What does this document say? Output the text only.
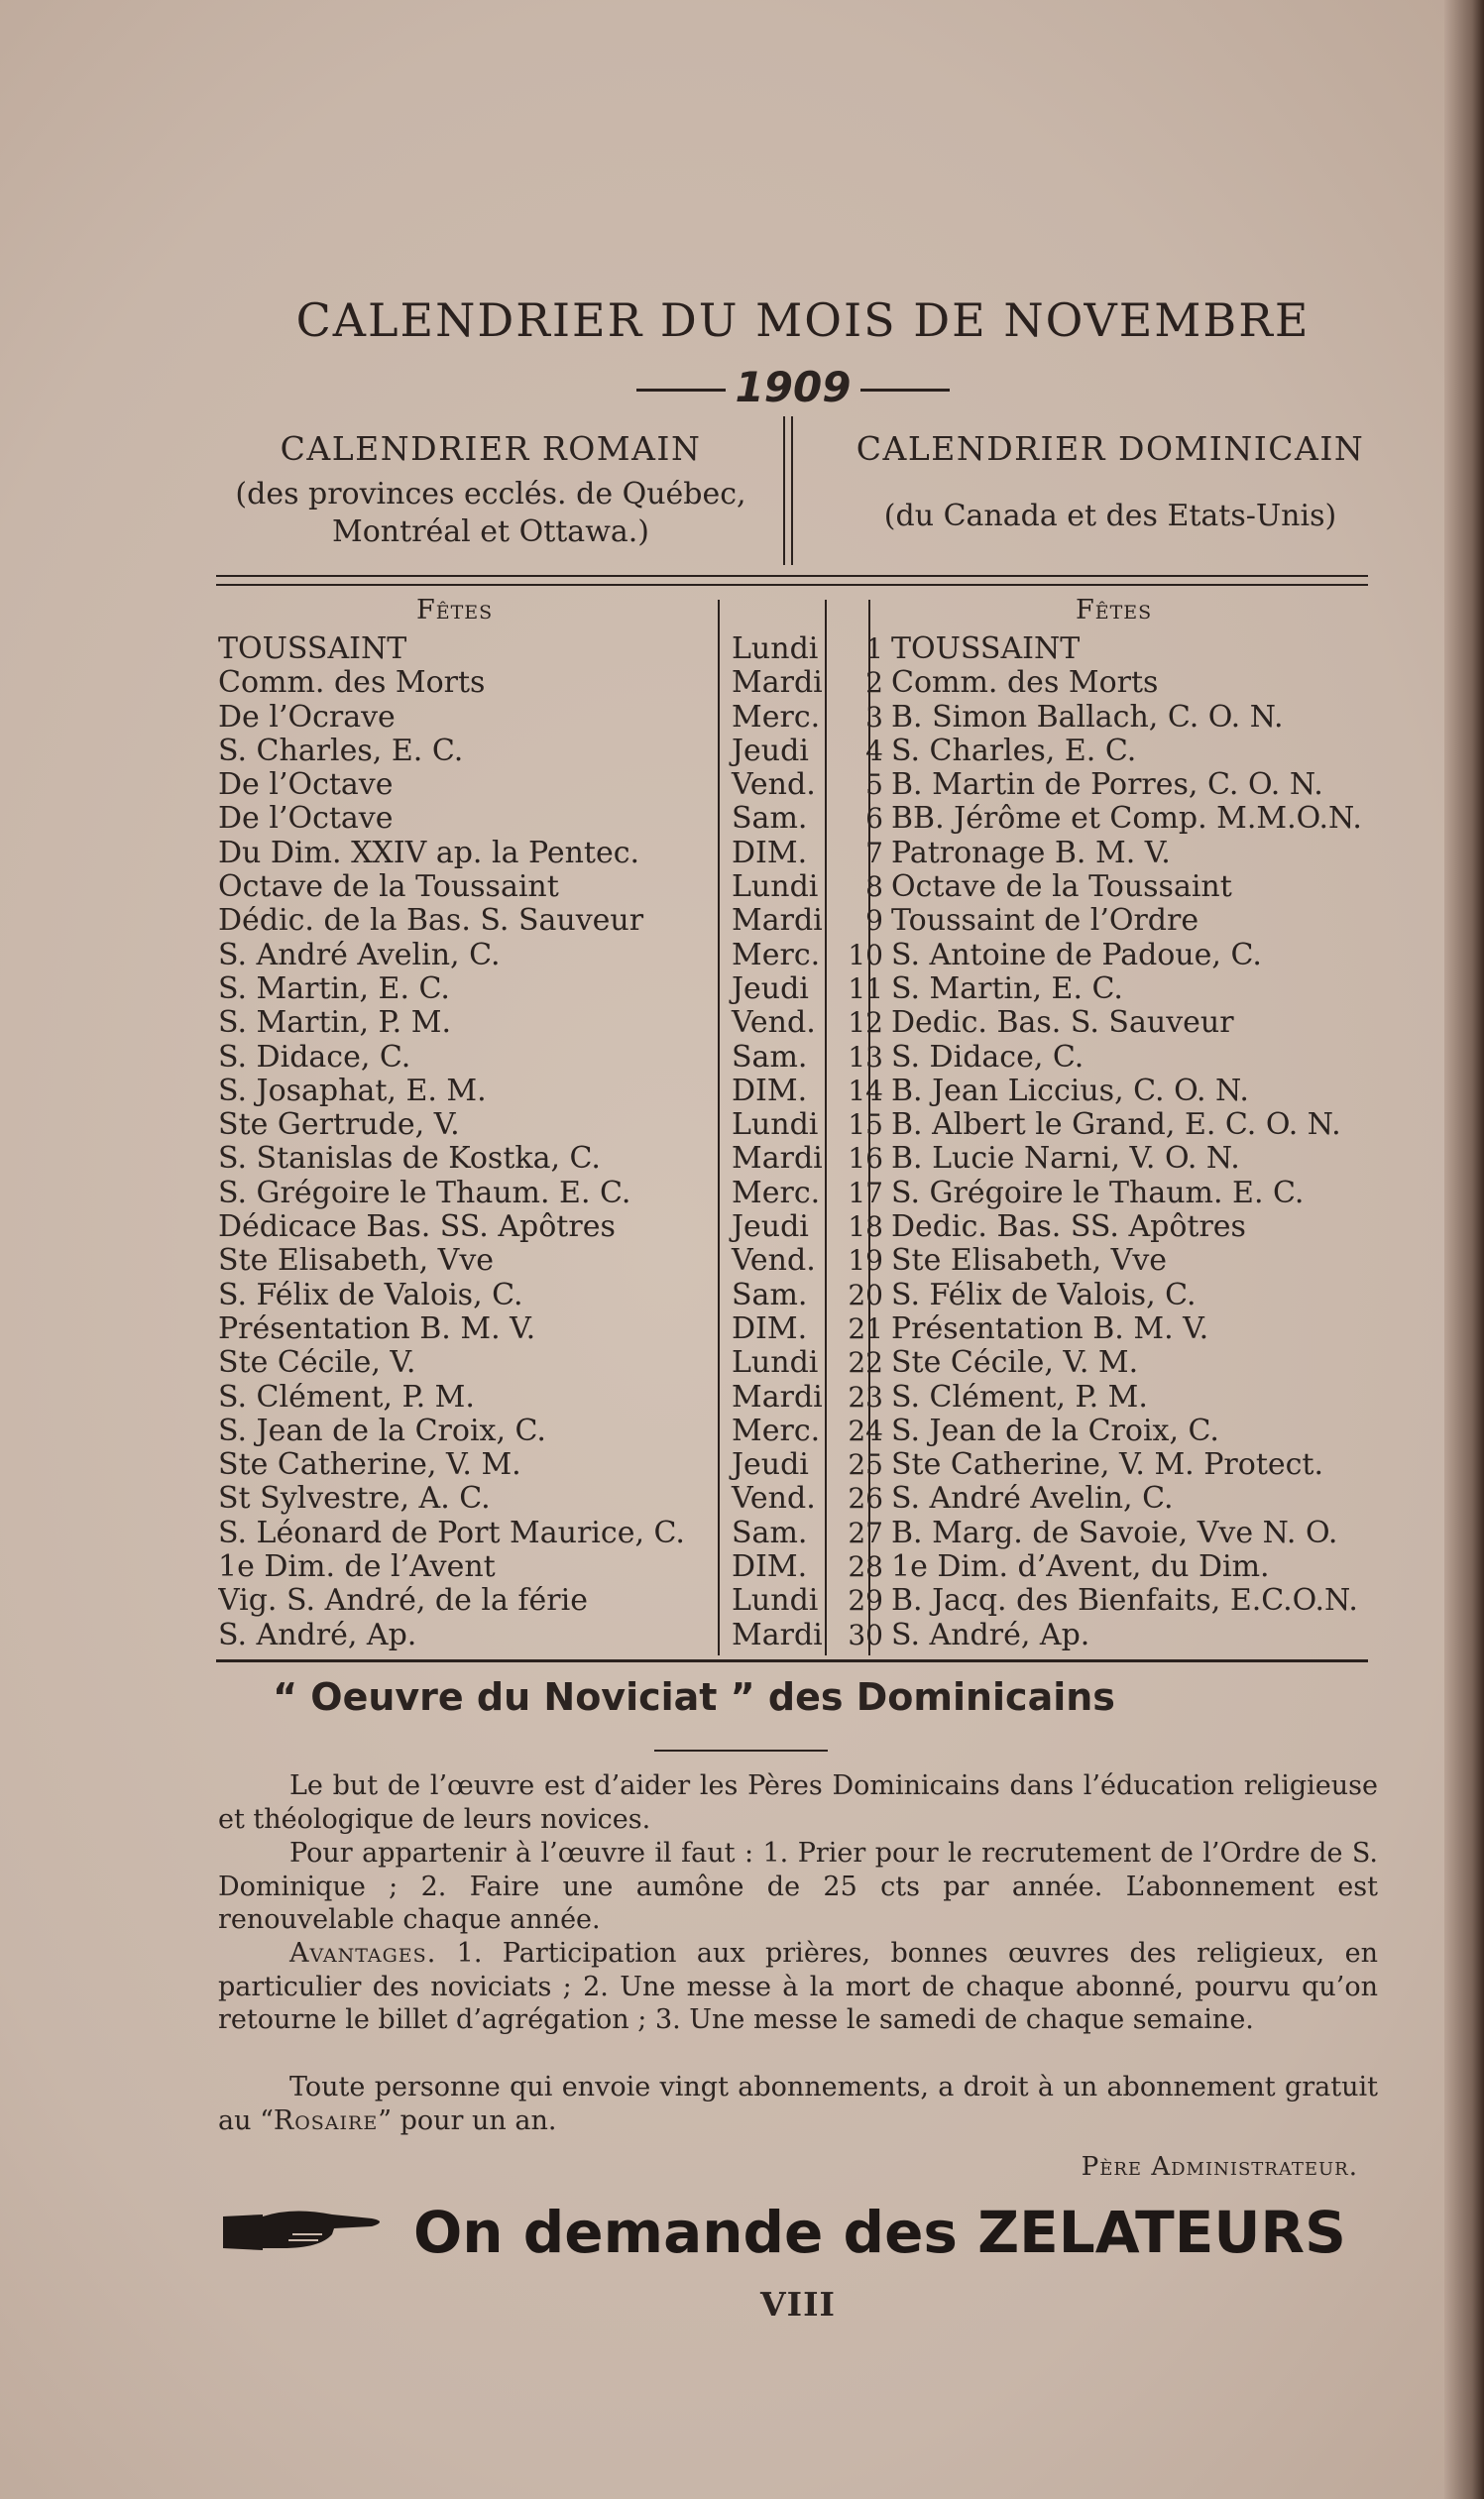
CALENDRIER DU MOIS DE NOVEMBRE
1909
CALENDRIER ROMAIN
(des provinces ecclés. de Québec,
Montréal et Ottawa.)
CALENDRIER DOMINICAIN
(du Canada et des Etats-Unis)
Fêtes	Fêtes
TOUSSAINT	Lundi	1	TOUSSAINT
Comm. des Morts	Mardi	2	Comm. des Morts
De l’Ocrave	Merc.	3	B. Simon Ballach, C. O. N.
S. Charles, E. C.	Jeudi	4	S. Charles, E. C.
De l’Octave	Vend.	5	B. Martin de Porres, C. O. N.
De l’Octave	Sam.	6	BB. Jérôme et Comp. M.M.O.N.
Du Dim. XXIV ap. la Pentec.	DIM.	7	Patronage B. M. V.
Octave de la Toussaint	Lundi	8	Octave de la Toussaint
Dédic. de la Bas. S. Sauveur	Mardi	9	Toussaint de l’Ordre
S. André Avelin, C.	Merc.	10	S. Antoine de Padoue, C.
S. Martin, E. C.	Jeudi	11	S. Martin, E. C.
S. Martin, P. M.	Vend.	12	Dedic. Bas. S. Sauveur
S. Didace, C.	Sam.	13	S. Didace, C.
S. Josaphat, E. M.	DIM.	14	B. Jean Liccius, C. O. N.
Ste Gertrude, V.	Lundi	15	B. Albert le Grand, E. C. O. N.
S. Stanislas de Kostka, C.	Mardi	16	B. Lucie Narni, V. O. N.
S. Grégoire le Thaum. E. C.	Merc.	17	S. Grégoire le Thaum. E. C.
Dédicace Bas. SS. Apôtres	Jeudi	18	Dedic. Bas. SS. Apôtres
Ste Elisabeth, Vve	Vend.	19	Ste Elisabeth, Vve
S. Félix de Valois, C.	Sam.	20	S. Félix de Valois, C.
Présentation B. M. V.	DIM.	21	Présentation B. M. V.
Ste Cécile, V.	Lundi	22	Ste Cécile, V. M.
S. Clément, P. M.	Mardi	23	S. Clément, P. M.
S. Jean de la Croix, C.	Merc.	24	S. Jean de la Croix, C.
Ste Catherine, V. M.	Jeudi	25	Ste Catherine, V. M. Protect.
St Sylvestre, A. C.	Vend.	26	S. André Avelin, C.
S. Léonard de Port Maurice, C.	Sam.	27	B. Marg. de Savoie, Vve N. O.
1e Dim. de l’Avent	DIM.	28	1e Dim. d’Avent, du Dim.
Vig. S. André, de la férie	Lundi	29	B. Jacq. des Bienfaits, E.C.O.N.
S. André, Ap.	Mardi	30	S. André, Ap.
“ Oeuvre du Noviciat ” des Dominicains
Le but de l’œuvre est d’aider les Pères Dominicains dans l’éducation religieuse et théologique de leurs novices.
Pour appartenir à l’œuvre il faut : 1. Prier pour le recrutement de l’Ordre de S. Dominique ; 2. Faire une aumône de 25 cts par année. L’abonnement est renouvelable chaque année.
Avantages. 1. Participation aux prières, bonnes œuvres des religieux, en particulier des noviciats ; 2. Une messe à la mort de chaque abonné, pourvu qu’on retourne le billet d’agrégation ; 3. Une messe le samedi de chaque semaine.
Toute personne qui envoie vingt abonnements, a droit à un abonnement gratuit au “Rosaire” pour un an.
Père Administrateur.
On demande des ZELATEURS
VIII
